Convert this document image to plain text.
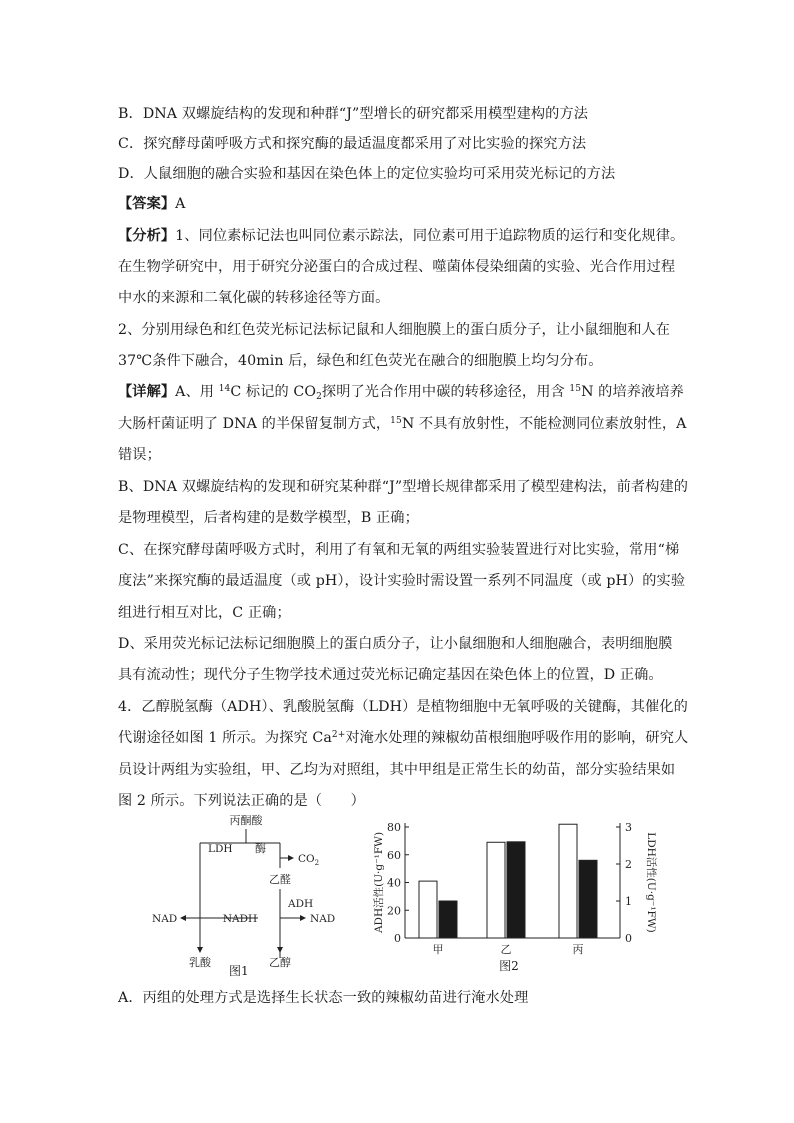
B．DNA 双螺旋结构的发现和种群“J”型增长的研究都采用模型建构的方法
C．探究酵母菌呼吸方式和探究酶的最适温度都采用了对比实验的探究方法
D．人鼠细胞的融合实验和基因在染色体上的定位实验均可采用荧光标记的方法
【答案】A
【分析】1、同位素标记法也叫同位素示踪法，同位素可用于追踪物质的运行和变化规律。
在生物学研究中，用于研究分泌蛋白的合成过程、噬菌体侵染细菌的实验、光合作用过程
中水的来源和二氧化碳的转移途径等方面。
2、分别用绿色和红色荧光标记法标记鼠和人细胞膜上的蛋白质分子，让小鼠细胞和人在
37℃条件下融合，40min 后，绿色和红色荧光在融合的细胞膜上均匀分布。
【详解】A、用 $^{14}$C 标记的 $CO_2$探明了光合作用中碳的转移途径，用含 $^{15}$N 的培养液培养
大肠杆菌证明了 DNA 的半保留复制方式，$^{15}$N 不具有放射性，不能检测同位素放射性，A
错误；
B、DNA 双螺旋结构的发现和研究某种群“J”型增长规律都采用了模型建构法，前者构建的
是物理模型，后者构建的是数学模型，B 正确；
C、在探究酵母菌呼吸方式时，利用了有氧和无氧的两组实验装置进行对比实验，常用“梯
度法”来探究酶的最适温度（或 pH），设计实验时需设置一系列不同温度（或 pH）的实验
组进行相互对比，C 正确；
D、采用荧光标记法标记细胞膜上的蛋白质分子，让小鼠细胞和人细胞融合，表明细胞膜
具有流动性；现代分子生物学技术通过荧光标记确定基因在染色体上的位置，D 正确。
4．乙醇脱氢酶（ADH）、乳酸脱氢酶（LDH）是植物细胞中无氧呼吸的关键酶，其催化的
代谢途径如图 1 所示。为探究 $Ca^{2+}$对淹水处理的辣椒幼苗根细胞呼吸作用的影响，研究人
员设计两组为实验组，甲、乙均为对照组，其中甲组是正常生长的幼苗，部分实验结果如
图 2 所示。下列说法正确的是（　　）
丙酮酸
LDH 酶
$CO_2$
乙醛
ADH
NAD	NADH	NAD
乳酸	乙醇
图1
0
20
40
60
80
0
1
2
3
ADH活性(U·g⁻¹FW)	LDH活性(U·g⁻¹FW)
甲	乙	丙
图2
A．丙组的处理方式是选择生长状态一致的辣椒幼苗进行淹水处理
